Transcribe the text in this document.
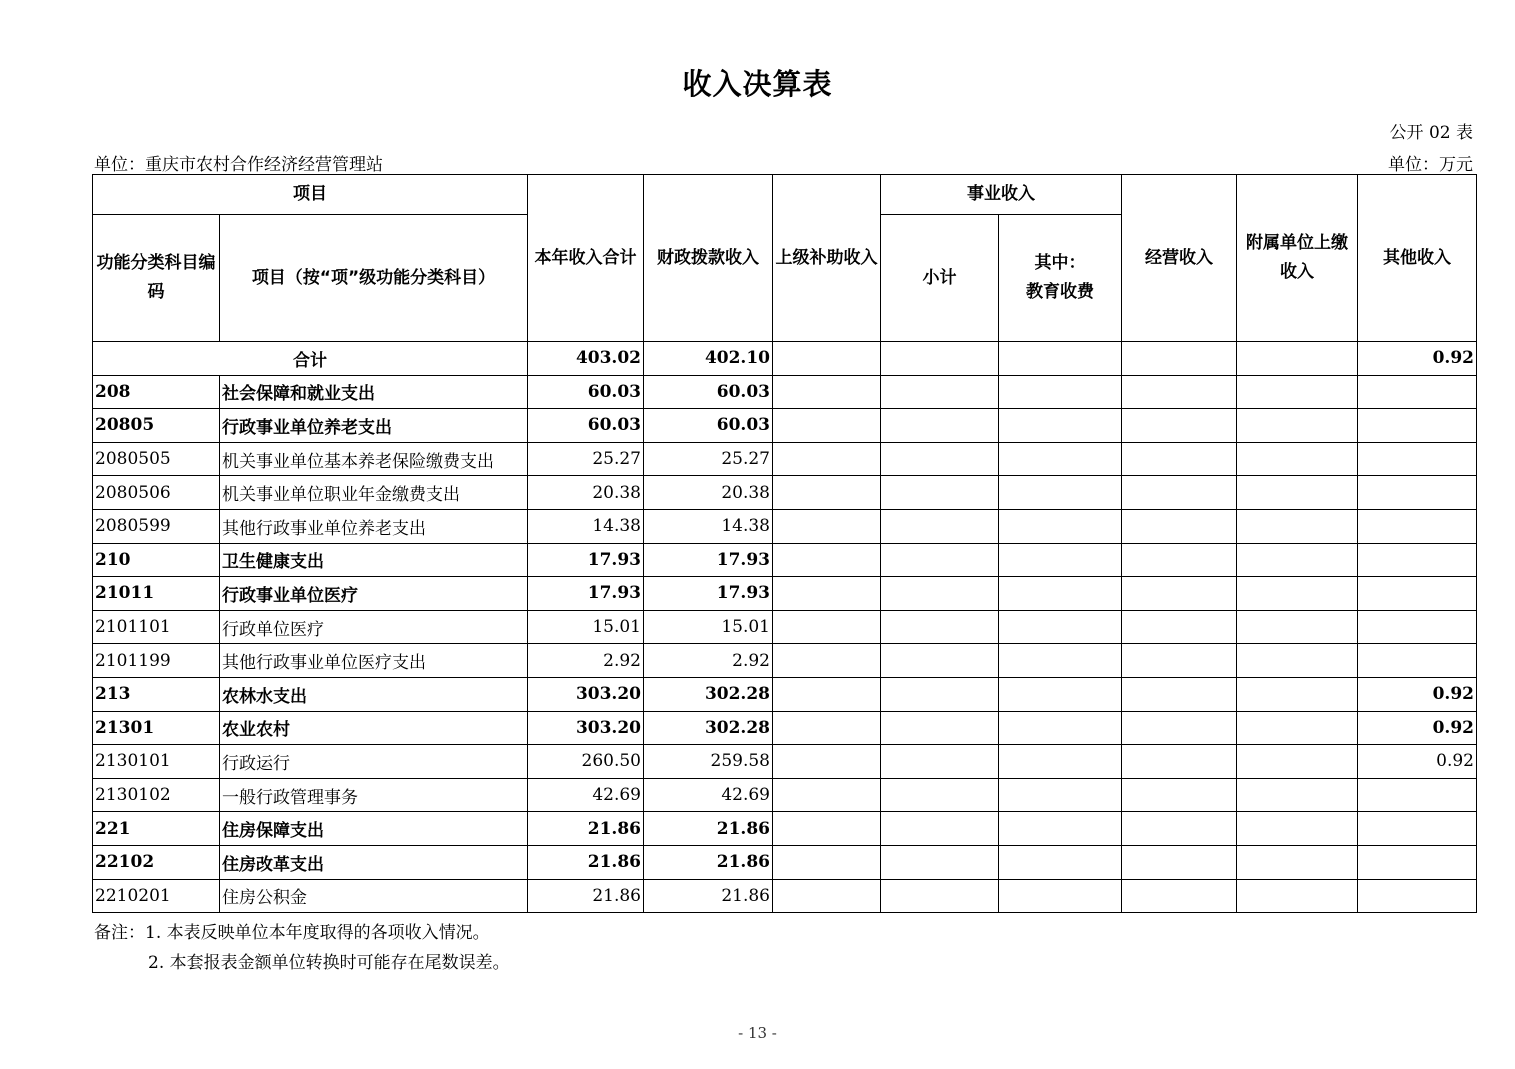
收入决算表
公开 02 表
单位：重庆市农村合作经济经营管理站	单位：万元
项目		本年收入合计	财政拨款收入	上级补助收入	事业收入		经营收入	附属单位上缴收入	其他收入
功能分类科目编码	项目（按“项”级功能分类科目）				小计	其中：
教育收费			
合计		403.02	402.10						0.92
208	社会保障和就业支出	60.03	60.03						
20805	行政事业单位养老支出	60.03	60.03						
2080505	机关事业单位基本养老保险缴费支出	25.27	25.27						
2080506	机关事业单位职业年金缴费支出	20.38	20.38						
2080599	其他行政事业单位养老支出	14.38	14.38						
210	卫生健康支出	17.93	17.93						
21011	行政事业单位医疗	17.93	17.93						
2101101	行政单位医疗	15.01	15.01						
2101199	其他行政事业单位医疗支出	2.92	2.92						
213	农林水支出	303.20	302.28						0.92
21301	农业农村	303.20	302.28						0.92
2130101	行政运行	260.50	259.58						0.92
2130102	一般行政管理事务	42.69	42.69						
221	住房保障支出	21.86	21.86						
22102	住房改革支出	21.86	21.86						
2210201	住房公积金	21.86	21.86						
备注：1. 本表反映单位本年度取得的各项收入情况。
2. 本套报表金额单位转换时可能存在尾数误差。
- 13 -
